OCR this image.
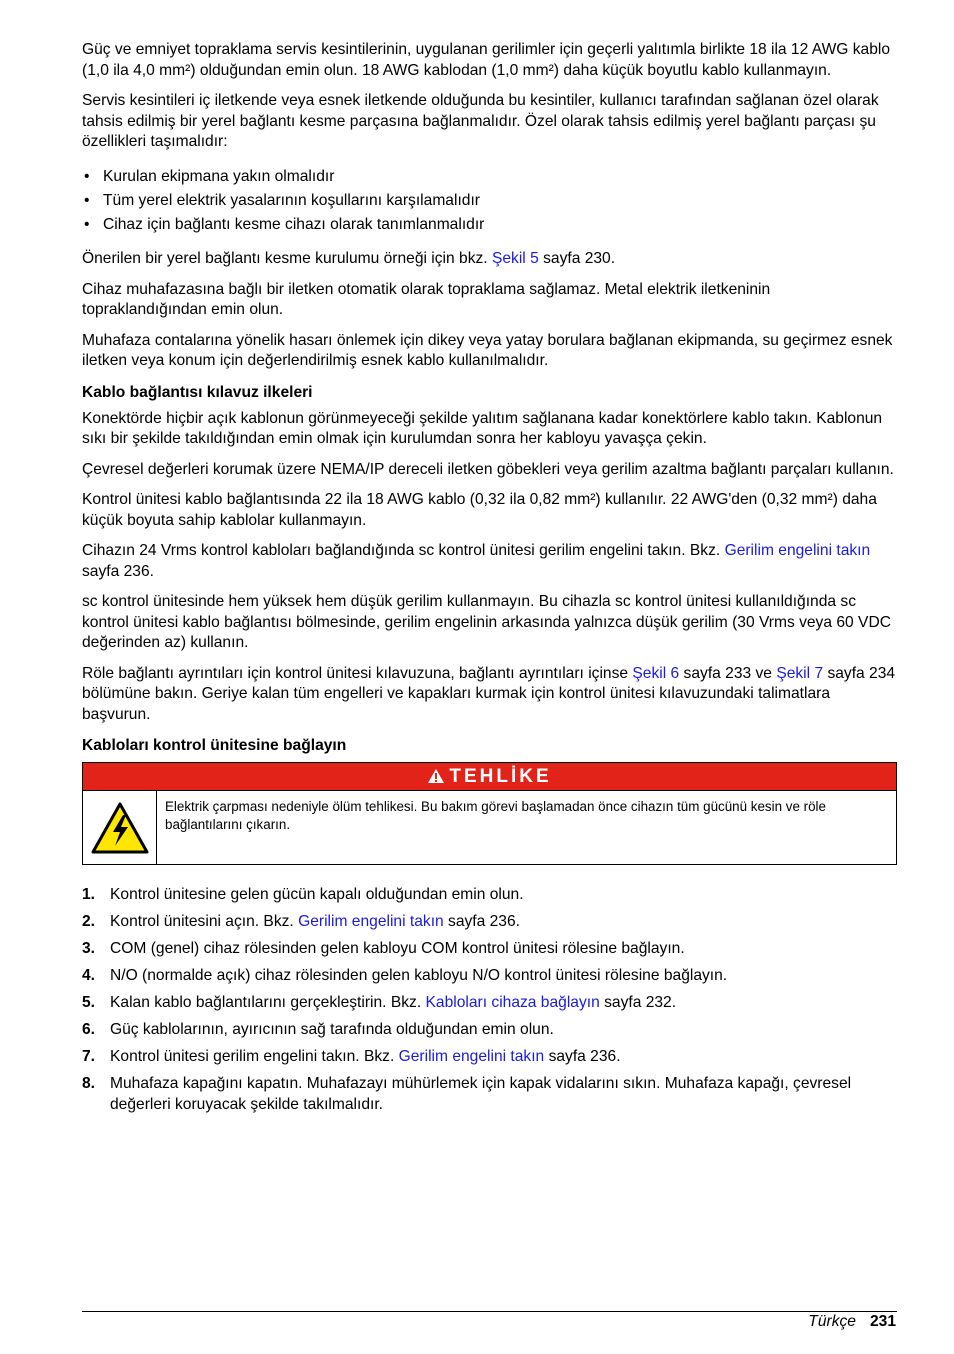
Güç ve emniyet topraklama servis kesintilerinin, uygulanan gerilimler için geçerli yalıtımla birlikte 18 ila 12 AWG kablo (1,0 ila 4,0 mm²) olduğundan emin olun. 18 AWG kablodan (1,0 mm²) daha küçük boyutlu kablo kullanmayın.

Servis kesintileri iç iletkende veya esnek iletkende olduğunda bu kesintiler, kullanıcı tarafından sağlanan özel olarak tahsis edilmiş bir yerel bağlantı kesme parçasına bağlanmalıdır. Özel olarak tahsis edilmiş yerel bağlantı parçası şu özellikleri taşımalıdır:

• Kurulan ekipmana yakın olmalıdır
• Tüm yerel elektrik yasalarının koşullarını karşılamalıdır
• Cihaz için bağlantı kesme cihazı olarak tanımlanmalıdır

Önerilen bir yerel bağlantı kesme kurulumu örneği için bkz. Şekil 5 sayfa 230.

Cihaz muhafazasına bağlı bir iletken otomatik olarak topraklama sağlamaz. Metal elektrik iletkeninin topraklandığından emin olun.

Muhafaza contalarına yönelik hasarı önlemek için dikey veya yatay borulara bağlanan ekipmanda, su geçirmez esnek iletken veya konum için değerlendirilmiş esnek kablo kullanılmalıdır.

Kablo bağlantısı kılavuz ilkeleri

Konektörde hiçbir açık kablonun görünmeyeceği şekilde yalıtım sağlanana kadar konektörlere kablo takın. Kablonun sıkı bir şekilde takıldığından emin olmak için kurulumdan sonra her kabloyu yavaşça çekin.

Çevresel değerleri korumak üzere NEMA/IP dereceli iletken göbekleri veya gerilim azaltma bağlantı parçaları kullanın.

Kontrol ünitesi kablo bağlantısında 22 ila 18 AWG kablo (0,32 ila 0,82 mm²) kullanılır. 22 AWG'den (0,32 mm²) daha küçük boyuta sahip kablolar kullanmayın.

Cihazın 24 Vrms kontrol kabloları bağlandığında sc kontrol ünitesi gerilim engelini takın. Bkz. Gerilim engelini takın sayfa 236.

sc kontrol ünitesinde hem yüksek hem düşük gerilim kullanmayın. Bu cihazla sc kontrol ünitesi kullanıldığında sc kontrol ünitesi kablo bağlantısı bölmesinde, gerilim engelinin arkasında yalnızca düşük gerilim (30 Vrms veya 60 VDC değerinden az) kullanın.

Röle bağlantı ayrıntıları için kontrol ünitesi kılavuzuna, bağlantı ayrıntıları içinse Şekil 6 sayfa 233 ve Şekil 7 sayfa 234 bölümüne bakın. Geriye kalan tüm engelleri ve kapakları kurmak için kontrol ünitesi kılavuzundaki talimatlara başvurun.

Kabloları kontrol ünitesine bağlayın
TEHLİKE
Elektrik çarpması nedeniyle ölüm tehlikesi. Bu bakım görevi başlamadan önce cihazın tüm gücünü kesin ve röle bağlantılarını çıkarın.
1. Kontrol ünitesine gelen gücün kapalı olduğundan emin olun.
2. Kontrol ünitesini açın. Bkz. Gerilim engelini takın sayfa 236.
3. COM (genel) cihaz rölesinden gelen kabloyu COM kontrol ünitesi rölesine bağlayın.
4. N/O (normalde açık) cihaz rölesinden gelen kabloyu N/O kontrol ünitesi rölesine bağlayın.
5. Kalan kablo bağlantılarını gerçekleştirin. Bkz. Kabloları cihaza bağlayın sayfa 232.
6. Güç kablolarının, ayırıcının sağ tarafında olduğundan emin olun.
7. Kontrol ünitesi gerilim engelini takın. Bkz. Gerilim engelini takın sayfa 236.
8. Muhafaza kapağını kapatın. Muhafazayı mühürlemek için kapak vidalarını sıkın. Muhafaza kapağı, çevresel değerleri koruyacak şekilde takılmalıdır.
Türkçe 231
